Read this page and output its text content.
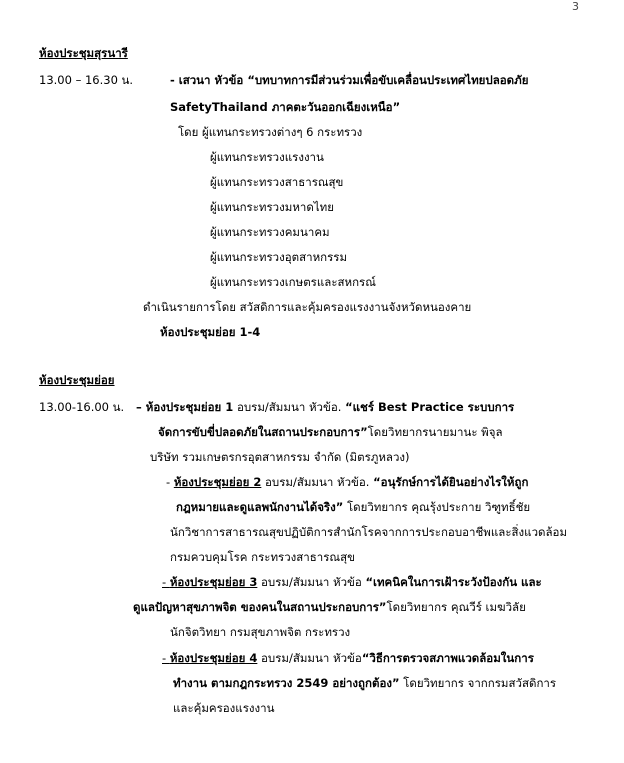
3
ห้องประชุมสุรนารี
13.00 – 16.30 น.	- เสวนา หัวข้อ “บทบาทการมีส่วนร่วมเพื่อขับเคลื่อนประเทศไทยปลอดภัย
SafetyThailand ภาคตะวันออกเฉียงเหนือ”
โดย ผู้แทนกระทรวงต่างๆ 6 กระทรวง
ผู้แทนกระทรวงแรงงาน
ผู้แทนกระทรวงสาธารณสุข
ผู้แทนกระทรวงมหาดไทย
ผู้แทนกระทรวงคมนาคม
ผู้แทนกระทรวงอุตสาหกรรม
ผู้แทนกระทรวงเกษตรและสหกรณ์
ดำเนินรายการโดย สวัสดิการและคุ้มครองแรงงานจังหวัดหนองคาย
ห้องประชุมย่อย 1-4
ห้องประชุมย่อย
13.00-16.00 น. – ห้องประชุมย่อย 1 อบรม/สัมมนา หัวข้อ. “แชร์ Best Practice ระบบการ
จัดการขับขี่ปลอดภัยในสถานประกอบการ”โดยวิทยากรนายมานะ พิจุล
บริษัท รวมเกษตรกรอุตสาหกรรม จำกัด (มิตรภูหลวง)
- ห้องประชุมย่อย 2 อบรม/สัมมนา หัวข้อ. “อนุรักษ์การได้ยินอย่างไรให้ถูก
กฎหมายและดูแลพนักงานได้จริง” โดยวิทยากร คุณรุ้งประกาย วิฑูทธิ์ชัย
นักวิชาการสาธารณสุขปฏิบัติการสำนักโรคจากการประกอบอาชีพและสิ่งแวดล้อม
กรมควบคุมโรค กระทรวงสาธารณสุข
- ห้องประชุมย่อย 3 อบรม/สัมมนา หัวข้อ “เทคนิคในการเฝ้าระวังป้องกัน และ
ดูแลปัญหาสุขภาพจิต ของคนในสถานประกอบการ”โดยวิทยากร คุณวีร์ เมฆวิลัย
นักจิตวิทยา กรมสุขภาพจิต กระทรวง
- ห้องประชุมย่อย 4 อบรม/สัมมนา หัวข้อ“วิธีการตรวจสภาพแวดล้อมในการ
ทำงาน ตามกฎกระทรวง 2549 อย่างถูกต้อง” โดยวิทยากร จากกรมสวัสดิการ
และคุ้มครองแรงงาน
